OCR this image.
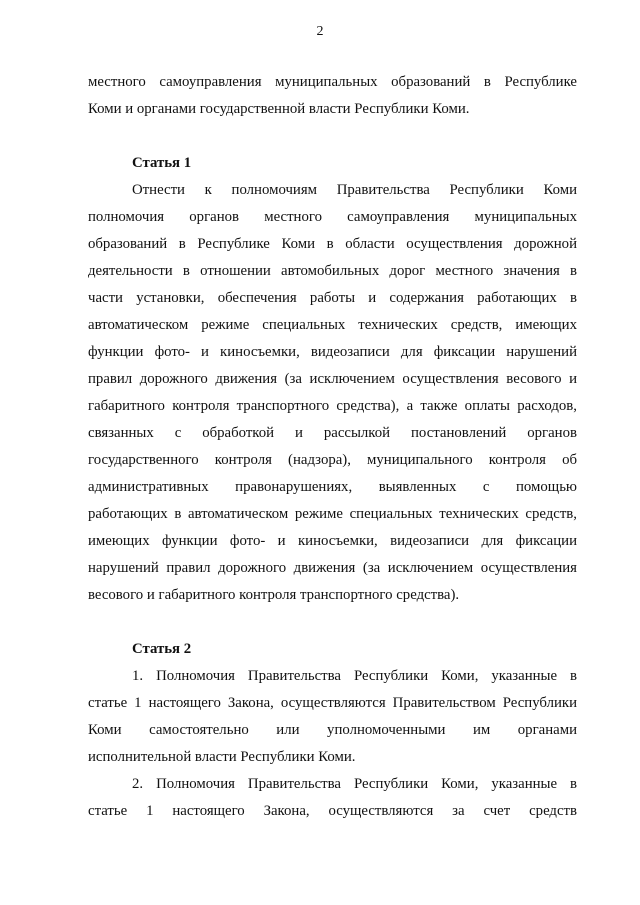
2
местного самоуправления муниципальных образований в Республике
Коми и органами государственной власти Республики Коми.
Статья 1
Отнести к полномочиям Правительства Республики Коми
полномочия органов местного самоуправления муниципальных
образований в Республике Коми в области осуществления дорожной
деятельности в отношении автомобильных дорог местного значения в
части установки, обеспечения работы и содержания работающих в
автоматическом режиме специальных технических средств, имеющих
функции фото- и киносъемки, видеозаписи для фиксации нарушений
правил дорожного движения (за исключением осуществления весового и
габаритного контроля транспортного средства), а также оплаты расходов,
связанных с обработкой и рассылкой постановлений органов
государственного контроля (надзора), муниципального контроля об
административных правонарушениях, выявленных с помощью
работающих в автоматическом режиме специальных технических средств,
имеющих функции фото- и киносъемки, видеозаписи для фиксации
нарушений правил дорожного движения (за исключением осуществления
весового и габаритного контроля транспортного средства).
Статья 2
1. Полномочия Правительства Республики Коми, указанные в
статье 1 настоящего Закона, осуществляются Правительством Республики
Коми самостоятельно или уполномоченными им органами
исполнительной власти Республики Коми.
2. Полномочия Правительства Республики Коми, указанные в
статье 1 настоящего Закона, осуществляются за счет средств
